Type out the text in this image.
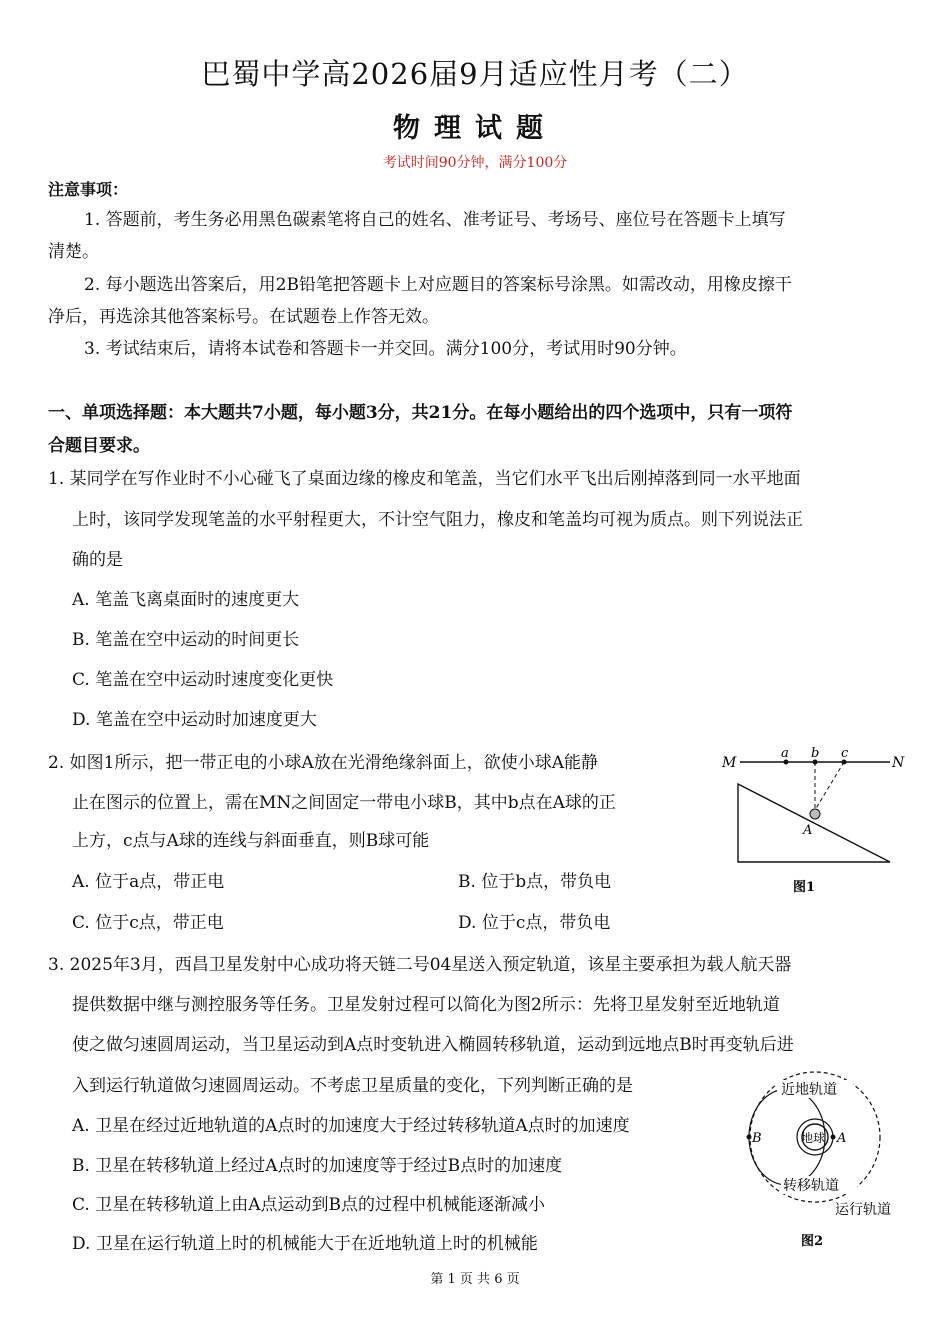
巴蜀中学高2026届9月适应性月考（二）
物理试题
考试时间90分钟，满分100分
注意事项：
1. 答题前，考生务必用黑色碳素笔将自己的姓名、准考证号、考场号、座位号在答题卡上填写
清楚。
2. 每小题选出答案后，用2B铅笔把答题卡上对应题目的答案标号涂黑。如需改动，用橡皮擦干
净后，再选涂其他答案标号。在试题卷上作答无效。
3. 考试结束后，请将本试卷和答题卡一并交回。满分100分，考试用时90分钟。
一、单项选择题：本大题共7小题，每小题3分，共21分。在每小题给出的四个选项中，只有一项符
合题目要求。
1. 某同学在写作业时不小心碰飞了桌面边缘的橡皮和笔盖，当它们水平飞出后刚掉落到同一水平地面
上时，该同学发现笔盖的水平射程更大，不计空气阻力，橡皮和笔盖均可视为质点。则下列说法正
确的是
A. 笔盖飞离桌面时的速度更大
B. 笔盖在空中运动的时间更长
C. 笔盖在空中运动时速度变化更快
D. 笔盖在空中运动时加速度更大
2. 如图1所示，把一带正电的小球A放在光滑绝缘斜面上，欲使小球A能静
止在图示的位置上，需在MN之间固定一带电小球B，其中b点在A球的正
上方，c点与A球的连线与斜面垂直，则B球可能
A. 位于a点，带正电	B. 位于b点，带负电
C. 位于c点，带正电	D. 位于c点，带负电
M	N
a b c
A
图1
3. 2025年3月，西昌卫星发射中心成功将天链二号04星送入预定轨道，该星主要承担为载人航天器
提供数据中继与测控服务等任务。卫星发射过程可以简化为图2所示：先将卫星发射至近地轨道
使之做匀速圆周运动，当卫星运动到A点时变轨进入椭圆转移轨道，运动到远地点B时再变轨后进
入到运行轨道做匀速圆周运动。不考虑卫星质量的变化，下列判断正确的是
A. 卫星在经过近地轨道的A点时的加速度大于经过转移轨道A点时的加速度
B. 卫星在转移轨道上经过A点时的加速度等于经过B点时的加速度
C. 卫星在转移轨道上由A点运动到B点的过程中机械能逐渐减小
D. 卫星在运行轨道上时的机械能大于在近地轨道上时的机械能
地球
B	A
近地轨道
转移轨道
运行轨道
图2
第 1 页 共 6 页
